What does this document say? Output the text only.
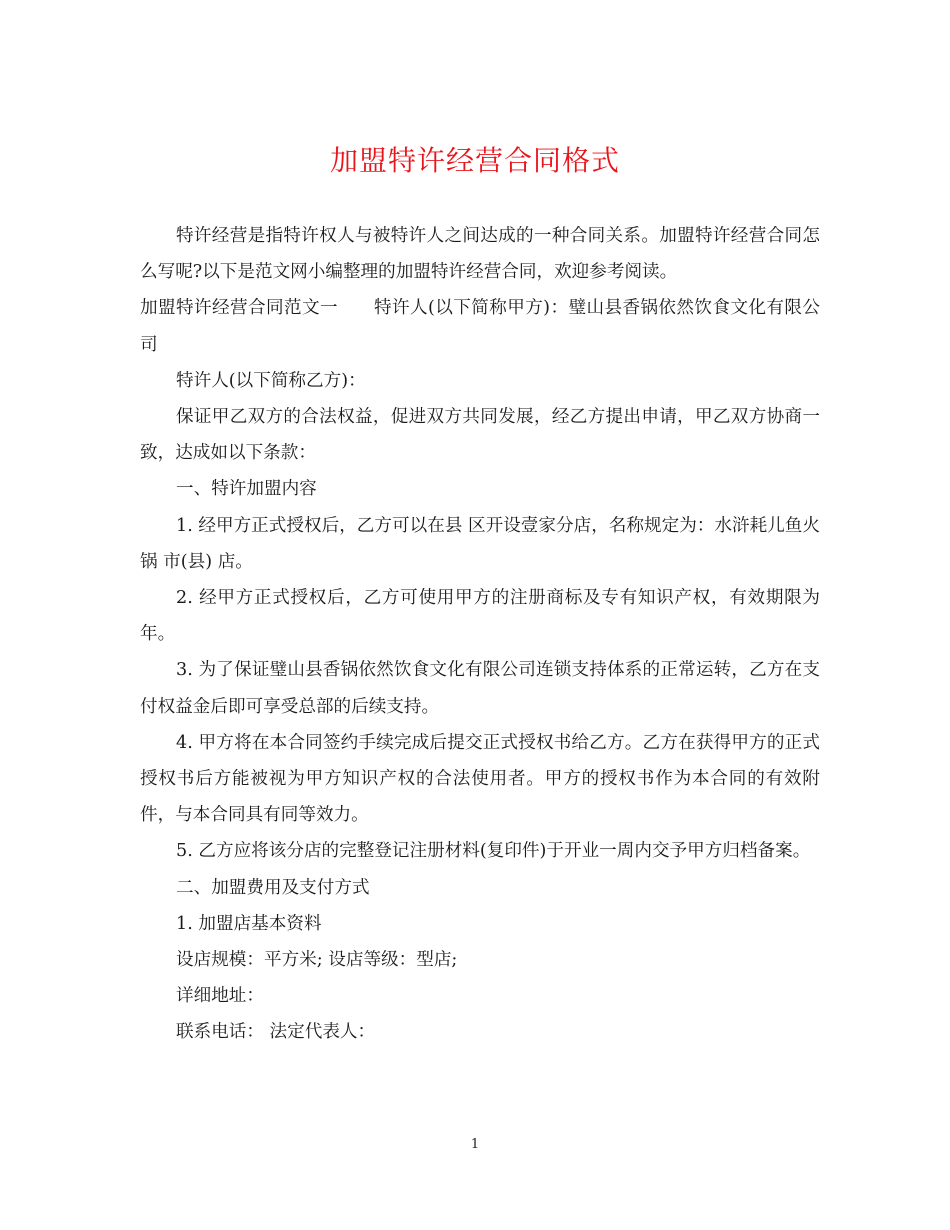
加盟特许经营合同格式

特许经营是指特许权人与被特许人之间达成的一种合同关系。加盟特许经营合同怎么写呢?以下是范文网小编整理的加盟特许经营合同，欢迎参考阅读。

加盟特许经营合同范文一　　特许人(以下简称甲方)：璧山县香锅依然饮食文化有限公司

特许人(以下简称乙方)：

保证甲乙双方的合法权益，促进双方共同发展，经乙方提出申请，甲乙双方协商一致，达成如以下条款：

一、特许加盟内容

1. 经甲方正式授权后，乙方可以在县 区开设壹家分店，名称规定为：水浒耗儿鱼火锅 市(县) 店。

2. 经甲方正式授权后，乙方可使用甲方的注册商标及专有知识产权，有效期限为年。

3. 为了保证璧山县香锅依然饮食文化有限公司连锁支持体系的正常运转，乙方在支付权益金后即可享受总部的后续支持。

4. 甲方将在本合同签约手续完成后提交正式授权书给乙方。乙方在获得甲方的正式授权书后方能被视为甲方知识产权的合法使用者。甲方的授权书作为本合同的有效附件，与本合同具有同等效力。

5. 乙方应将该分店的完整登记注册材料(复印件)于开业一周内交予甲方归档备案。

二、加盟费用及支付方式

1. 加盟店基本资料

设店规模：平方米; 设店等级：型店;

详细地址：

联系电话： 法定代表人：

1
